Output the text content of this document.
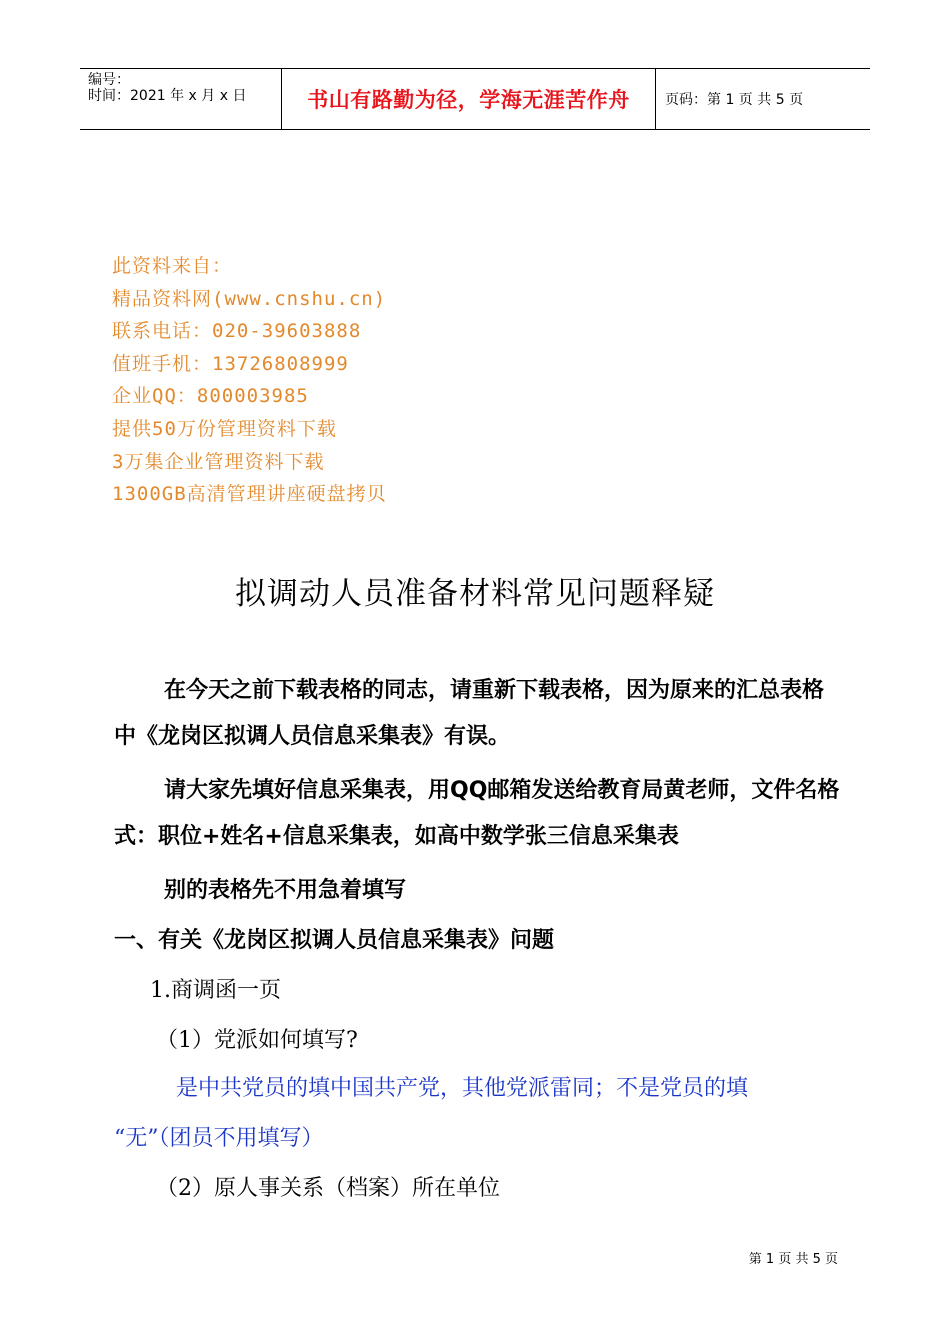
编号：
时间：2021 年 x 月 x 日	书山有路勤为径，学海无涯苦作舟	页码：第 1 页 共 5 页
此资料来自：
精品资料网(www.cnshu.cn)
联系电话：020-39603888
值班手机：13726808999
企业QQ：800003985
提供50万份管理资料下载
3万集企业管理资料下载
1300GB高清管理讲座硬盘拷贝
拟调动人员准备材料常见问题释疑
在今天之前下载表格的同志，请重新下载表格，因为原来的汇总表格中《龙岗区拟调人员信息采集表》有误。
请大家先填好信息采集表，用QQ邮箱发送给教育局黄老师，文件名格式：职位+姓名+信息采集表，如高中数学张三信息采集表
别的表格先不用急着填写
一、有关《龙岗区拟调人员信息采集表》问题
1.商调函一页
（1）党派如何填写?
是中共党员的填中国共产党，其他党派雷同；不是党员的填
“无”（团员不用填写）
（2）原人事关系（档案）所在单位
第 1 页 共 5 页
